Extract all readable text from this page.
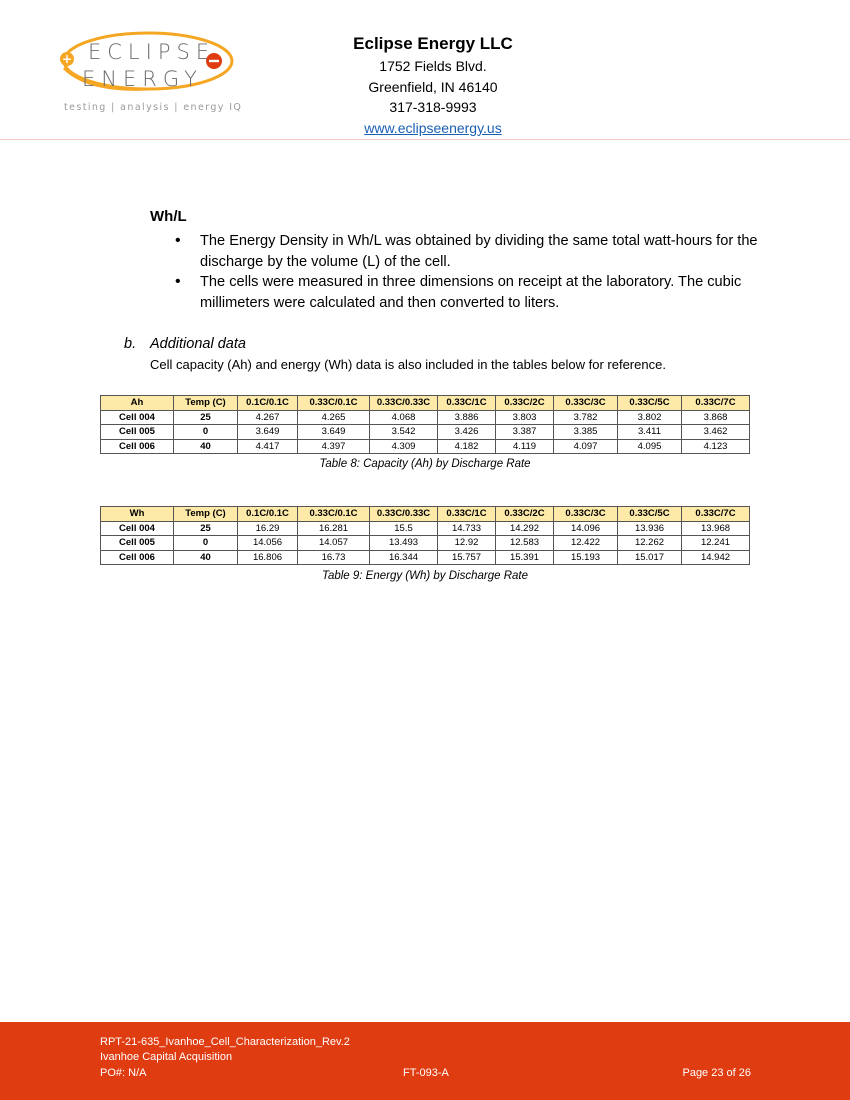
+ ECLIPSE
ENERGY
testing | analysis | energy IQ
Eclipse Energy LLC
1752 Fields Blvd.
Greenfield, IN 46140
317-318-9993
www.eclipseenergy.us
Wh/L
• The Energy Density in Wh/L was obtained by dividing the same total watt-hours for the discharge by the volume (L) of the cell.
• The cells were measured in three dimensions on receipt at the laboratory. The cubic millimeters were calculated and then converted to liters.
b. Additional data
Cell capacity (Ah) and energy (Wh) data is also included in the tables below for reference.
Ah	Temp (C)	0.1C/0.1C	0.33C/0.1C	0.33C/0.33C	0.33C/1C	0.33C/2C	0.33C/3C	0.33C/5C	0.33C/7C
Cell 004	25	4.267	4.265	4.068	3.886	3.803	3.782	3.802	3.868
Cell 005	0	3.649	3.649	3.542	3.426	3.387	3.385	3.411	3.462
Cell 006	40	4.417	4.397	4.309	4.182	4.119	4.097	4.095	4.123
Table 8: Capacity (Ah) by Discharge Rate
Wh	Temp (C)	0.1C/0.1C	0.33C/0.1C	0.33C/0.33C	0.33C/1C	0.33C/2C	0.33C/3C	0.33C/5C	0.33C/7C
Cell 004	25	16.29	16.281	15.5	14.733	14.292	14.096	13.936	13.968
Cell 005	0	14.056	14.057	13.493	12.92	12.583	12.422	12.262	12.241
Cell 006	40	16.806	16.73	16.344	15.757	15.391	15.193	15.017	14.942
Table 9: Energy (Wh) by Discharge Rate
RPT-21-635_Ivanhoe_Cell_Characterization_Rev.2
Ivanhoe Capital Acquisition
PO#: N/A	FT-093-A	Page 23 of 26
